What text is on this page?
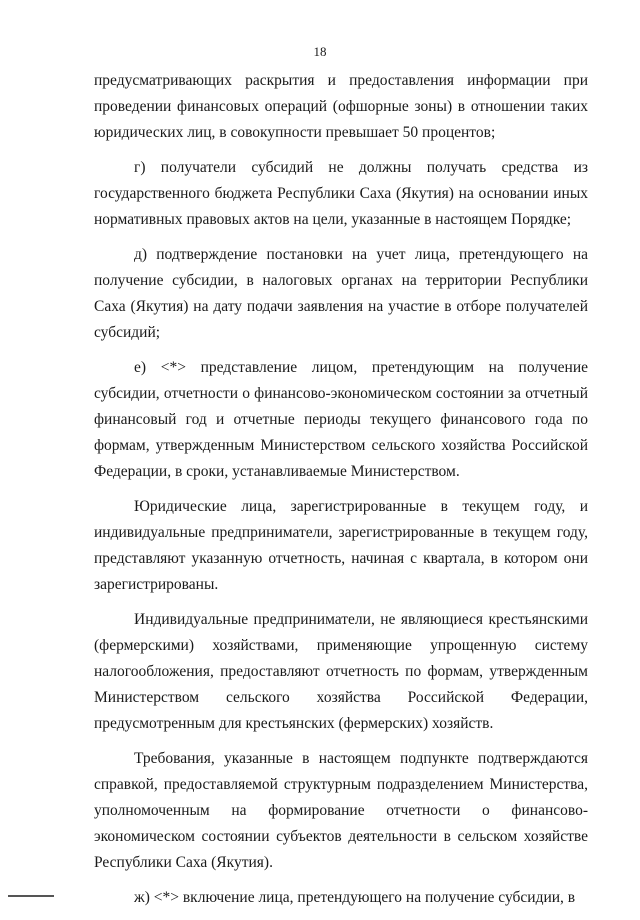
18

предусматривающих раскрытия и предоставления информации при проведении финансовых операций (офшорные зоны) в отношении таких юридических лиц, в совокупности превышает 50 процентов;

г) получатели субсидий не должны получать средства из государственного бюджета Республики Саха (Якутия) на основании иных нормативных правовых актов на цели, указанные в настоящем Порядке;

д) подтверждение постановки на учет лица, претендующего на получение субсидии, в налоговых органах на территории Республики Саха (Якутия) на дату подачи заявления на участие в отборе получателей субсидий;

е) <*> представление лицом, претендующим на получение субсидии, отчетности о финансово-экономическом состоянии за отчетный финансовый год и отчетные периоды текущего финансового года по формам, утвержденным Министерством сельского хозяйства Российской Федерации, в сроки, устанавливаемые Министерством.

Юридические лица, зарегистрированные в текущем году, и индивидуальные предприниматели, зарегистрированные в текущем году, представляют указанную отчетность, начиная с квартала, в котором они зарегистрированы.

Индивидуальные предприниматели, не являющиеся крестьянскими (фермерскими) хозяйствами, применяющие упрощенную систему налогообложения, предоставляют отчетность по формам, утвержденным Министерством сельского хозяйства Российской Федерации, предусмотренным для крестьянских (фермерских) хозяйств.

Требования, указанные в настоящем подпункте подтверждаются справкой, предоставляемой структурным подразделением Министерства, уполномоченным на формирование отчетности о финансово-экономическом состоянии субъектов деятельности в сельском хозяйстве Республики Саха (Якутия).

ж) <*> включение лица, претендующего на получение субсидии, в
